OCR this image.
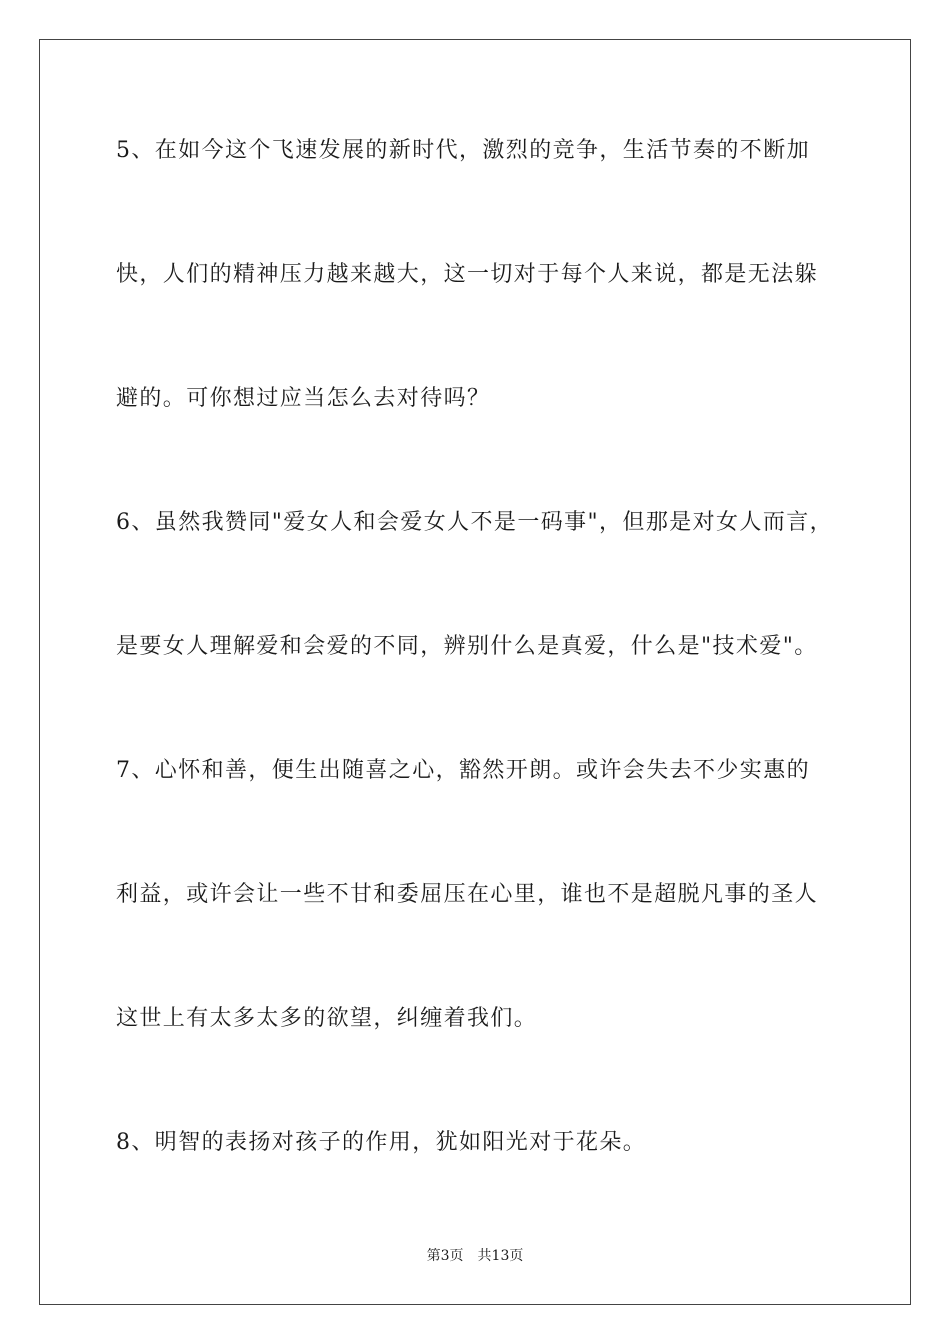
5、在如今这个飞速发展的新时代，激烈的竞争，生活节奏的不断加
快，人们的精神压力越来越大，这一切对于每个人来说，都是无法躲
避的。可你想过应当怎么去对待吗？
6、虽然我赞同"爱女人和会爱女人不是一码事"，但那是对女人而言，
是要女人理解爱和会爱的不同，辨别什么是真爱，什么是"技术爱"。
7、心怀和善，便生出随喜之心，豁然开朗。或许会失去不少实惠的
利益，或许会让一些不甘和委屈压在心里，谁也不是超脱凡事的圣人
这世上有太多太多的欲望，纠缠着我们。
8、明智的表扬对孩子的作用，犹如阳光对于花朵。
第3页 共13页
